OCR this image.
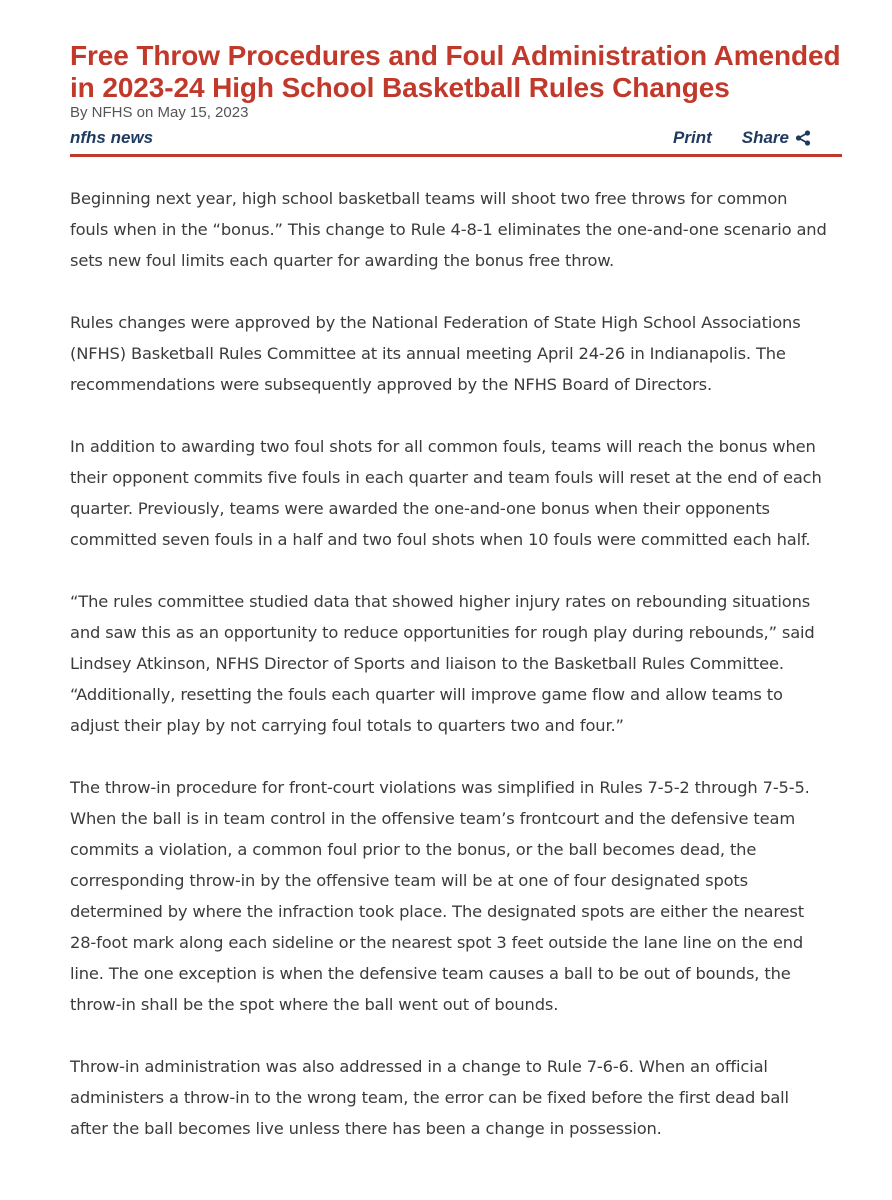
Free Throw Procedures and Foul Administration Amended in 2023-24 High School Basketball Rules Changes
By NFHS on May 15, 2023
nfhs news	Print Share

Beginning next year, high school basketball teams will shoot two free throws for common fouls when in the “bonus.” This change to Rule 4-8-1 eliminates the one-and-one scenario and sets new foul limits each quarter for awarding the bonus free throw.

Rules changes were approved by the National Federation of State High School Associations (NFHS) Basketball Rules Committee at its annual meeting April 24-26 in Indianapolis. The recommendations were subsequently approved by the NFHS Board of Directors.

In addition to awarding two foul shots for all common fouls, teams will reach the bonus when their opponent commits five fouls in each quarter and team fouls will reset at the end of each quarter. Previously, teams were awarded the one-and-one bonus when their opponents committed seven fouls in a half and two foul shots when 10 fouls were committed each half.

“The rules committee studied data that showed higher injury rates on rebounding situations and saw this as an opportunity to reduce opportunities for rough play during rebounds,” said Lindsey Atkinson, NFHS Director of Sports and liaison to the Basketball Rules Committee. “Additionally, resetting the fouls each quarter will improve game flow and allow teams to adjust their play by not carrying foul totals to quarters two and four.”

The throw-in procedure for front-court violations was simplified in Rules 7-5-2 through 7-5-5. When the ball is in team control in the offensive team’s frontcourt and the defensive team commits a violation, a common foul prior to the bonus, or the ball becomes dead, the corresponding throw-in by the offensive team will be at one of four designated spots determined by where the infraction took place. The designated spots are either the nearest 28-foot mark along each sideline or the nearest spot 3 feet outside the lane line on the end line. The one exception is when the defensive team causes a ball to be out of bounds, the throw-in shall be the spot where the ball went out of bounds.

Throw-in administration was also addressed in a change to Rule 7-6-6. When an official administers a throw-in to the wrong team, the error can be fixed before the first dead ball after the ball becomes live unless there has been a change in possession.
